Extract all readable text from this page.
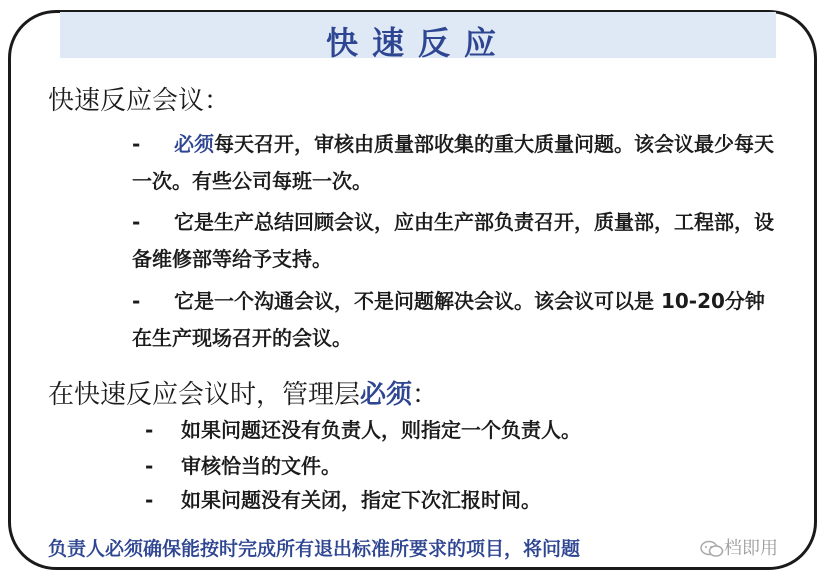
快速反应
快速反应会议：
- 必须每天召开，审核由质量部收集的重大质量问题。该会议最少每天一次。有些公司每班一次。
- 它是生产总结回顾会议，应由生产部负责召开，质量部，工程部，设备维修部等给予支持。
- 它是一个沟通会议，不是问题解决会议。该会议可以是 10-20分钟在生产现场召开的会议。
在快速反应会议时，管理层必须：
- 如果问题还没有负责人，则指定一个负责人。
- 审核恰当的文件。
- 如果问题没有关闭，指定下次汇报时间。
负责人必须确保能按时完成所有退出标准所要求的项目，将问题	档即用
